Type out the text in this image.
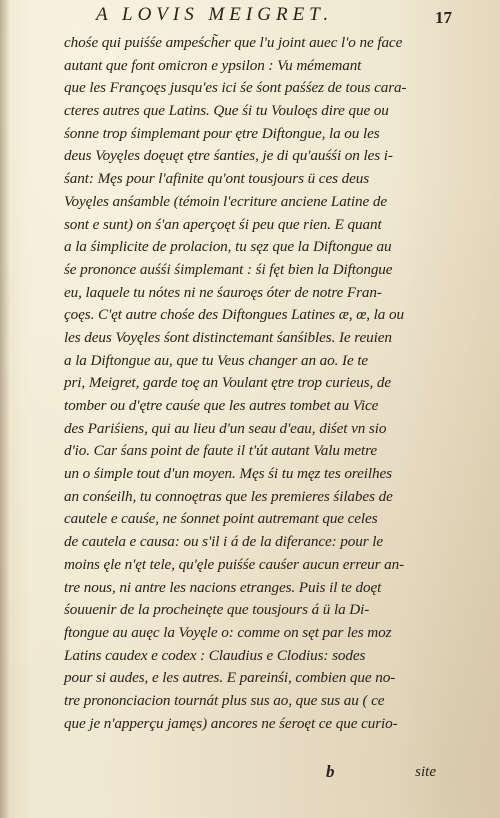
A LOVIS MEIGRET.	17
chośe qui puiśśe ampeśch̃er que l'u joint auec l'o ne face
autant que font omicron e ypsilon : Vu mémemant
que les Françoęs jusqu'es ici śe śont paśśez de tous cara-
cteres autres que Latins. Que śi tu Vouloęs dire que ou
śonne trop śimplemant pour ętre Diftongue, la ou les
deus Voyęles doęuęt ętre śanties, je di qu'auśśi on les i-
śant: Męs pour l'afinite qu'ont tousjours ü ces deus
Voyęles anśamble (témoin l'ecriture anciene Latine de
sont e sunt) on ś'an aperçoęt śi peu que rien. E quant
a la śimplicite de prolacion, tu sęz que la Diftongue au
śe prononce auśśi śimplemant : śi fęt bien la Diftongue
eu, laquele tu nótes ni ne śauroęs óter de notre Fran-
çoęs. C'ęt autre chośe des Diftongues Latines æ, œ, la ou
les deus Voyęles śont distinctemant śanśibles. Ie reuien
a la Diftongue au, que tu Veus changer an ao. Ie te
pri, Meigret, garde toę an Voulant ętre trop curieus, de
tomber ou d'ętre cauśe que les autres tombet au Vice
des Pariśiens, qui au lieu d'un seau d'eau, diśet vn sio
d'io. Car śans point de faute il t'út autant Valu metre
un o śimple tout d'un moyen. Męs śi tu męz tes oreilhes
an conśeilh, tu connoętras que les premieres śilabes de
cautele e cauśe, ne śonnet point autremant que celes
de cautela e causa: ou s'il i á de la diferance: pour le
moins ęle n'ęt tele, qu'ęle puiśśe cauśer aucun erreur an-
tre nous, ni antre les nacions etranges. Puis il te doęt
śouuenir de la procheinęte que tousjours á ü la Di-
ftongue au auęc la Voyęle o: comme on sęt par les moz
Latins caudex e codex : Claudius e Clodius: sodes
pour si audes, e les autres. E pareinśi, combien que no-
tre prononciacion tournát plus sus ao, que sus au ( ce
que je n'apperçu jamęs) ancores ne śeroęt ce que curio-
b	site
